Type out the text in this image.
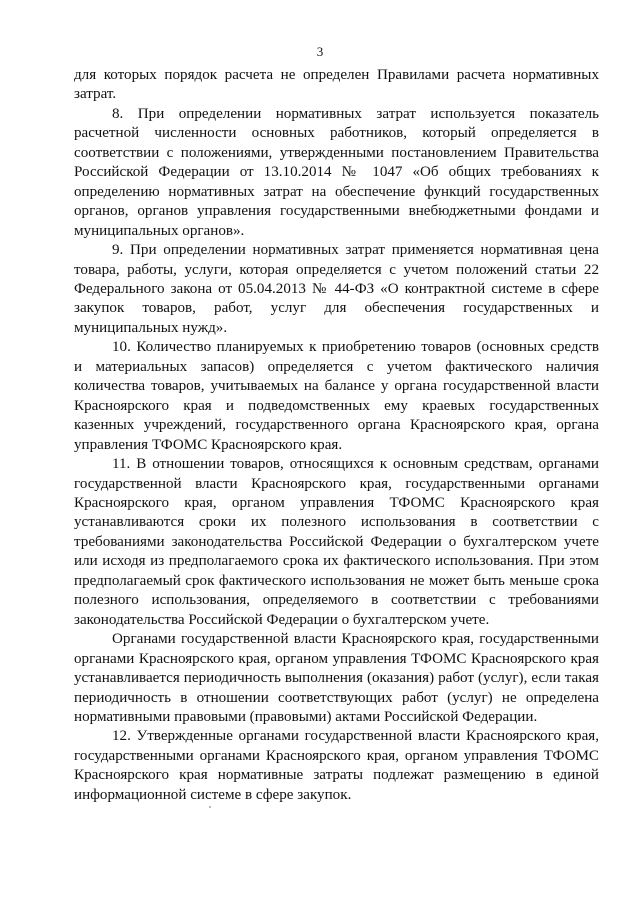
3

для которых порядок расчета не определен Правилами расчета нормативных затрат.

8. При определении нормативных затрат используется показатель расчетной численности основных работников, который определяется в соответствии с положениями, утвержденными постановлением Правительства Российской Федерации от 13.10.2014 № 1047 «Об общих требованиях к определению нормативных затрат на обеспечение функций государственных органов, органов управления государственными внебюджетными фондами и муниципальных органов».

9. При определении нормативных затрат применяется нормативная цена товара, работы, услуги, которая определяется с учетом положений статьи 22 Федерального закона от 05.04.2013 № 44-ФЗ «О контрактной системе в сфере закупок товаров, работ, услуг для обеспечения государственных и муниципальных нужд».

10. Количество планируемых к приобретению товаров (основных средств и материальных запасов) определяется с учетом фактического наличия количества товаров, учитываемых на балансе у органа государственной власти Красноярского края и подведомственных ему краевых государственных казенных учреждений, государственного органа Красноярского края, органа управления ТФОМС Красноярского края.

11. В отношении товаров, относящихся к основным средствам, органами государственной власти Красноярского края, государственными органами Красноярского края, органом управления ТФОМС Красноярского края устанавливаются сроки их полезного использования в соответствии с требованиями законодательства Российской Федерации о бухгалтерском учете или исходя из предполагаемого срока их фактического использования. При этом предполагаемый срок фактического использования не может быть меньше срока полезного использования, определяемого в соответствии с требованиями законодательства Российской Федерации о бухгалтерском учете.

Органами государственной власти Красноярского края, государственными органами Красноярского края, органом управления ТФОМС Красноярского края устанавливается периодичность выполнения (оказания) работ (услуг), если такая периодичность в отношении соответствующих работ (услуг) не определена нормативными правовыми (правовыми) актами Российской Федерации.

12. Утвержденные органами государственной власти Красноярского края, государственными органами Красноярского края, органом управления ТФОМС Красноярского края нормативные затраты подлежат размещению в единой информационной системе в сфере закупок.
